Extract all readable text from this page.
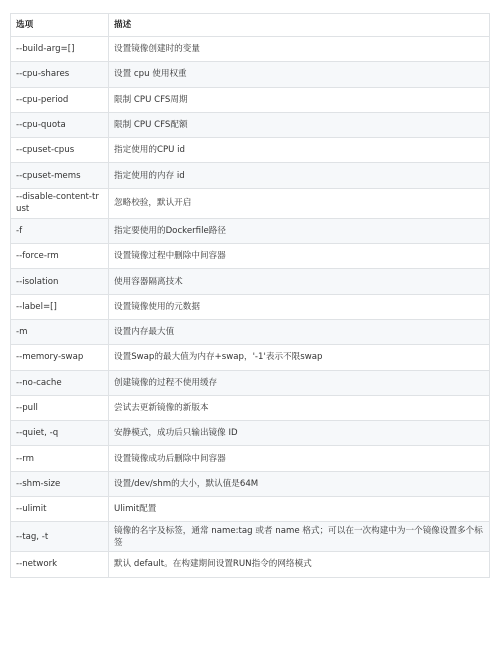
选项	描述
--build-arg=[]	设置镜像创建时的变量
--cpu-shares	设置 cpu 使用权重
--cpu-period	限制 CPU CFS周期
--cpu-quota	限制 CPU CFS配额
--cpuset-cpus	指定使用的CPU id
--cpuset-mems	指定使用的内存 id
--disable-content-trust	忽略校验，默认开启
-f	指定要使用的Dockerfile路径
--force-rm	设置镜像过程中删除中间容器
--isolation	使用容器隔离技术
--label=[]	设置镜像使用的元数据
-m	设置内存最大值
--memory-swap	设置Swap的最大值为内存+swap，'-1'表示不限swap
--no-cache	创建镜像的过程不使用缓存
--pull	尝试去更新镜像的新版本
--quiet, -q	安静模式，成功后只输出镜像 ID
--rm	设置镜像成功后删除中间容器
--shm-size	设置/dev/shm的大小，默认值是64M
--ulimit	Ulimit配置
--tag, -t	镜像的名字及标签，通常 name:tag 或者 name 格式；可以在一次构建中为一个镜像设置多个标签
--network	默认 default。在构建期间设置RUN指令的网络模式
